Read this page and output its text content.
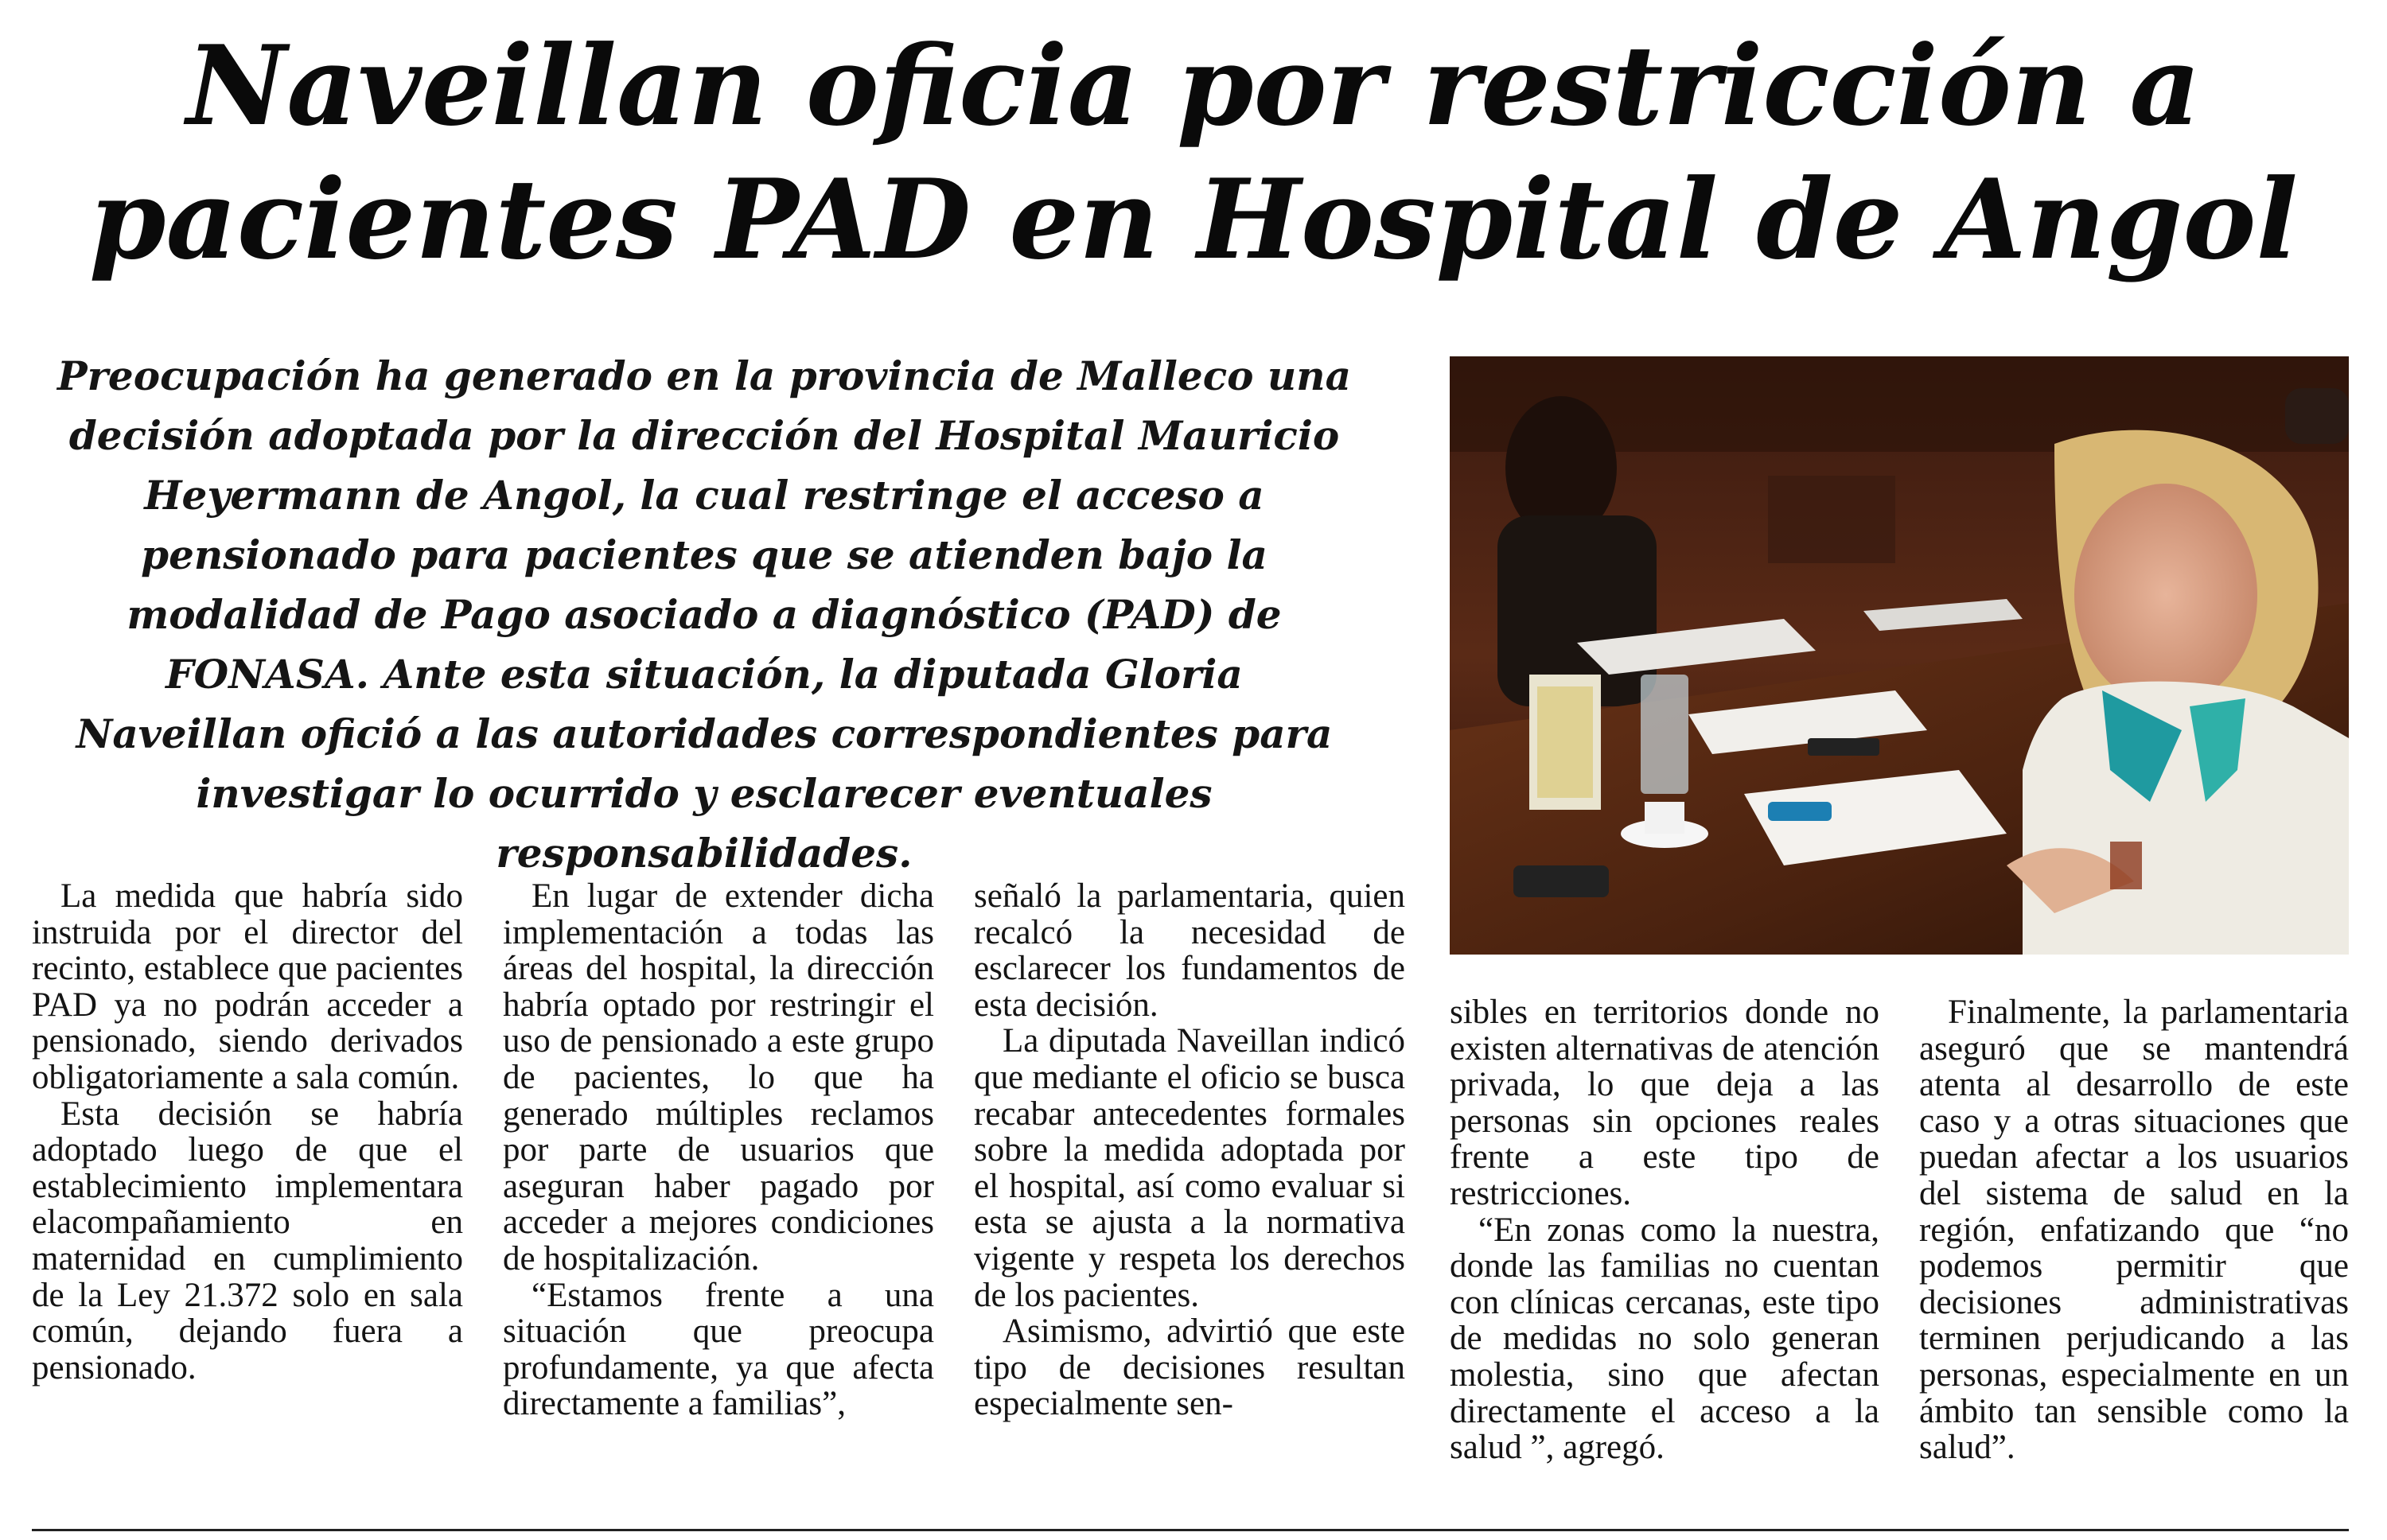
Naveillan oficia por restricción a pacientes PAD en Hospital de Angol

Preocupación ha generado en la provincia de Malleco una decisión adoptada por la dirección del Hospital Mauricio Heyermann de Angol, la cual restringe el acceso a pensionado para pacientes que se atienden bajo la modalidad de Pago asociado a diagnóstico (PAD) de FONASA. Ante esta situación, la diputada Gloria Naveillan ofició a las autoridades correspondientes para investigar lo ocurrido y esclarecer eventuales responsabilidades.

La medida que habría sido instruida por el director del recinto, establece que pacientes PAD ya no podrán acceder a pensionado, siendo derivados obligatoriamente a sala común.

Esta decisión se habría adoptado luego de que el establecimiento implementara elacompañamiento en maternidad en cumplimiento de la Ley 21.372 solo en sala común, dejando fuera a pensionado.

En lugar de extender dicha implementación a todas las áreas del hospital, la dirección habría optado por restringir el uso de pensionado a este grupo de pacientes, lo que ha generado múltiples reclamos por parte de usuarios que aseguran haber pagado por acceder a mejores condiciones de hospitalización.

“Estamos frente a una situación que preocupa profundamente, ya que afecta directamente a familias”,

señaló la parlamentaria, quien recalcó la necesidad de esclarecer los fundamentos de esta decisión.

La diputada Naveillan indicó que mediante el oficio se busca recabar antecedentes formales sobre la medida adoptada por el hospital, así como evaluar si esta se ajusta a la normativa vigente y respeta los derechos de los pacientes.

Asimismo, advirtió que este tipo de decisiones resultan especialmente sen-

sibles en territorios donde no existen alternativas de atención privada, lo que deja a las personas sin opciones reales frente a este tipo de restricciones.

“En zonas como la nuestra, donde las familias no cuentan con clínicas cercanas, este tipo de medidas no solo generan molestia, sino que afectan directamente el acceso a la salud ”, agregó.

Finalmente, la parlamentaria aseguró que se mantendrá atenta al desarrollo de este caso y a otras situaciones que puedan afectar a los usuarios del sistema de salud en la región, enfatizando que “no podemos permitir que decisiones administrativas terminen perjudicando a las personas, especialmente en un ámbito tan sensible como la salud”.
